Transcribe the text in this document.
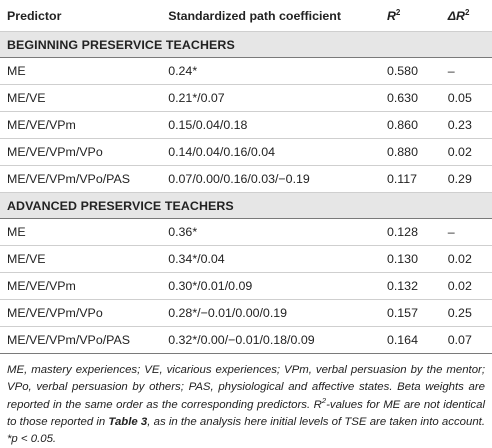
Predictor	Standardized path coefficient	$R^2$	$\Delta R^2$
BEGINNING PRESERVICE TEACHERS			
ME	0.24*	0.580	–
ME/VE	0.21*/0.07	0.630	0.05
ME/VE/VPm	0.15/0.04/0.18	0.860	0.23
ME/VE/VPm/VPo	0.14/0.04/0.16/0.04	0.880	0.02
ME/VE/VPm/VPo/PAS	0.07/0.00/0.16/0.03/−0.19	0.117	0.29
ADVANCED PRESERVICE TEACHERS			
ME	0.36*	0.128	–
ME/VE	0.34*/0.04	0.130	0.02
ME/VE/VPm	0.30*/0.01/0.09	0.132	0.02
ME/VE/VPm/VPo	0.28*/−0.01/0.00/0.19	0.157	0.25
ME/VE/VPm/VPo/PAS	0.32*/0.00/−0.01/0.18/0.09	0.164	0.07
ME, mastery experiences; VE, vicarious experiences; VPm, verbal persuasion by the mentor; VPo, verbal persuasion by others; PAS, physiological and affective states. Beta weights are reported in the same order as the corresponding predictors. $R^2$-values for ME are not identical to those reported in Table 3, as in the analysis here initial levels of TSE are taken into account. *p < 0.05.
